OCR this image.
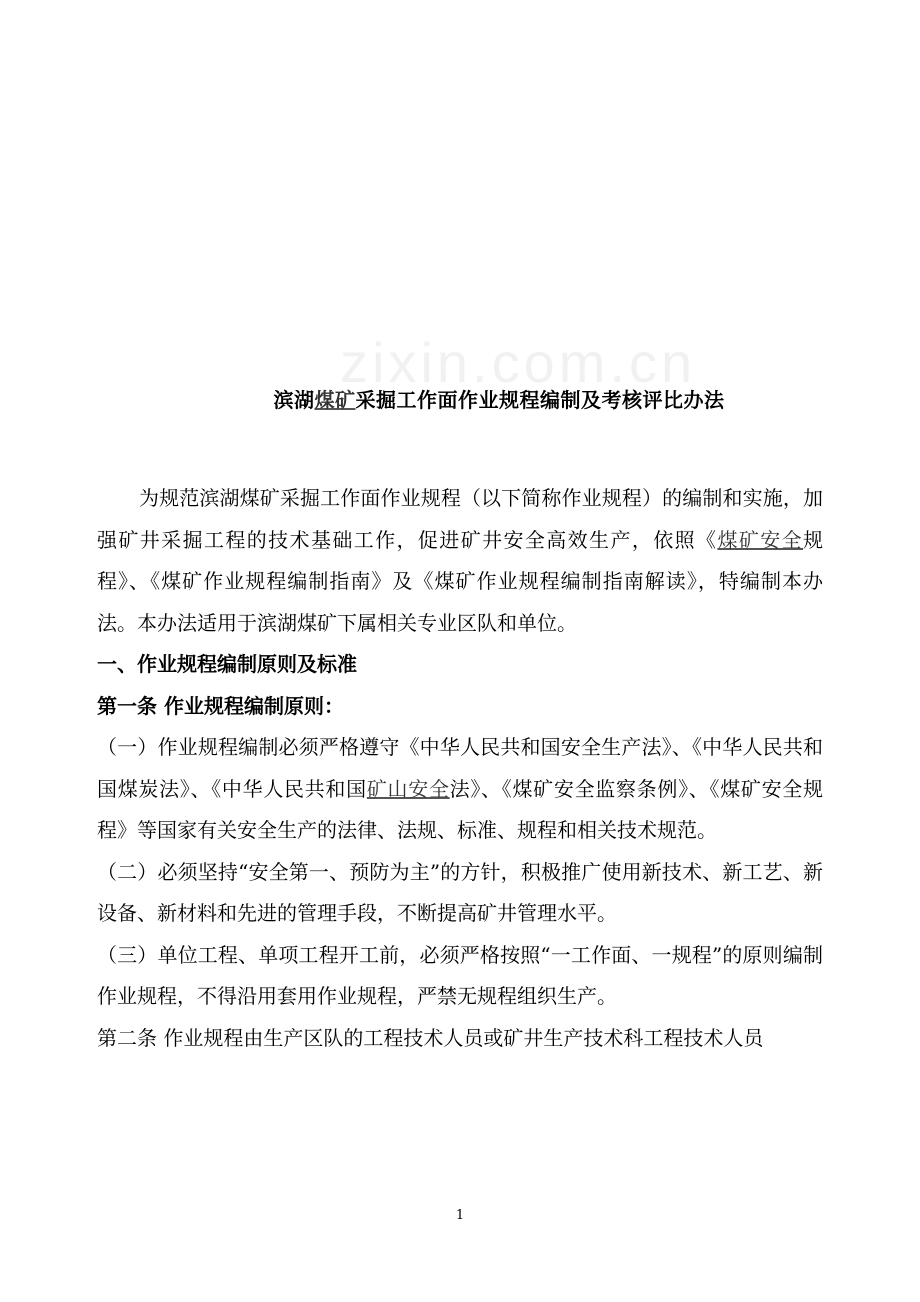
zixin.com.cn
滨湖煤矿采掘工作面作业规程编制及考核评比办法

为规范滨湖煤矿采掘工作面作业规程（以下简称作业规程）的编制和实施，加强矿井采掘工程的技术基础工作，促进矿井安全高效生产，依照《煤矿安全规程》、《煤矿作业规程编制指南》及《煤矿作业规程编制指南解读》，特编制本办法。本办法适用于滨湖煤矿下属相关专业区队和单位。

一、作业规程编制原则及标准

第一条 作业规程编制原则：

（一）作业规程编制必须严格遵守《中华人民共和国安全生产法》、《中华人民共和国煤炭法》、《中华人民共和国矿山安全法》、《煤矿安全监察条例》、《煤矿安全规程》等国家有关安全生产的法律、法规、标准、规程和相关技术规范。

（二）必须坚持“安全第一、预防为主”的方针，积极推广使用新技术、新工艺、新设备、新材料和先进的管理手段，不断提高矿井管理水平。

（三）单位工程、单项工程开工前，必须严格按照“一工作面、一规程”的原则编制作业规程，不得沿用套用作业规程，严禁无规程组织生产。

第二条 作业规程由生产区队的工程技术人员或矿井生产技术科工程技术人员

1
